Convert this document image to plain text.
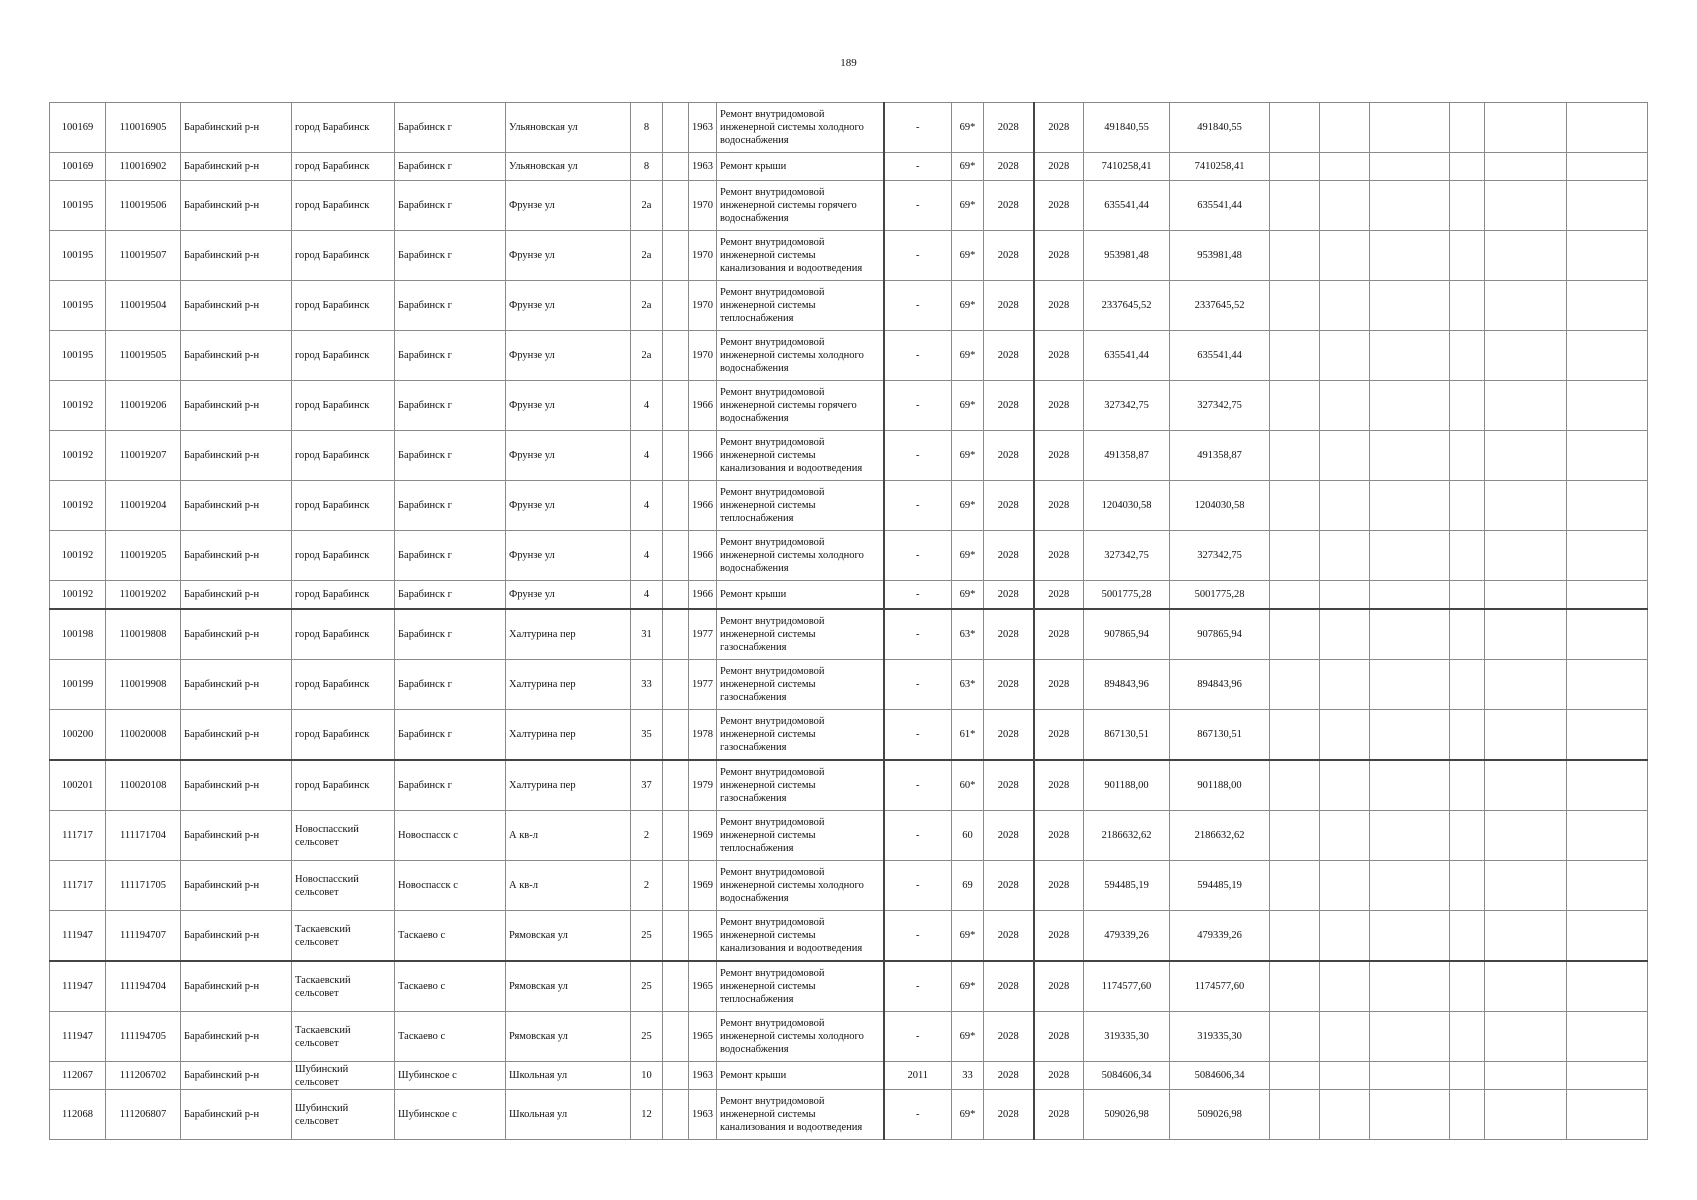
189
100169	110016905	Барабинский р-н	город Барабинск	Барабинск г	Ульяновская ул	8		1963	Ремонт внутридомовой инженерной системы холодного водоснабжения	-	69*	2028	2028	491840,55	491840,55						
100169	110016902	Барабинский р-н	город Барабинск	Барабинск г	Ульяновская ул	8		1963	Ремонт крыши	-	69*	2028	2028	7410258,41	7410258,41						
100195	110019506	Барабинский р-н	город Барабинск	Барабинск г	Фрунзе ул	2а		1970	Ремонт внутридомовой инженерной системы горячего водоснабжения	-	69*	2028	2028	635541,44	635541,44						
100195	110019507	Барабинский р-н	город Барабинск	Барабинск г	Фрунзе ул	2а		1970	Ремонт внутридомовой инженерной системы канализования и водоотведения	-	69*	2028	2028	953981,48	953981,48						
100195	110019504	Барабинский р-н	город Барабинск	Барабинск г	Фрунзе ул	2а		1970	Ремонт внутридомовой инженерной системы теплоснабжения	-	69*	2028	2028	2337645,52	2337645,52						
100195	110019505	Барабинский р-н	город Барабинск	Барабинск г	Фрунзе ул	2а		1970	Ремонт внутридомовой инженерной системы холодного водоснабжения	-	69*	2028	2028	635541,44	635541,44						
100192	110019206	Барабинский р-н	город Барабинск	Барабинск г	Фрунзе ул	4		1966	Ремонт внутридомовой инженерной системы горячего водоснабжения	-	69*	2028	2028	327342,75	327342,75						
100192	110019207	Барабинский р-н	город Барабинск	Барабинск г	Фрунзе ул	4		1966	Ремонт внутридомовой инженерной системы канализования и водоотведения	-	69*	2028	2028	491358,87	491358,87						
100192	110019204	Барабинский р-н	город Барабинск	Барабинск г	Фрунзе ул	4		1966	Ремонт внутридомовой инженерной системы теплоснабжения	-	69*	2028	2028	1204030,58	1204030,58						
100192	110019205	Барабинский р-н	город Барабинск	Барабинск г	Фрунзе ул	4		1966	Ремонт внутридомовой инженерной системы холодного водоснабжения	-	69*	2028	2028	327342,75	327342,75						
100192	110019202	Барабинский р-н	город Барабинск	Барабинск г	Фрунзе ул	4		1966	Ремонт крыши	-	69*	2028	2028	5001775,28	5001775,28						
100198	110019808	Барабинский р-н	город Барабинск	Барабинск г	Халтурина пер	31		1977	Ремонт внутридомовой инженерной системы газоснабжения	-	63*	2028	2028	907865,94	907865,94						
100199	110019908	Барабинский р-н	город Барабинск	Барабинск г	Халтурина пер	33		1977	Ремонт внутридомовой инженерной системы газоснабжения	-	63*	2028	2028	894843,96	894843,96						
100200	110020008	Барабинский р-н	город Барабинск	Барабинск г	Халтурина пер	35		1978	Ремонт внутридомовой инженерной системы газоснабжения	-	61*	2028	2028	867130,51	867130,51						
100201	110020108	Барабинский р-н	город Барабинск	Барабинск г	Халтурина пер	37		1979	Ремонт внутридомовой инженерной системы газоснабжения	-	60*	2028	2028	901188,00	901188,00						
111717	111171704	Барабинский р-н	Новоспасский сельсовет	Новоспасск с	А кв-л	2		1969	Ремонт внутридомовой инженерной системы теплоснабжения	-	60	2028	2028	2186632,62	2186632,62						
111717	111171705	Барабинский р-н	Новоспасский сельсовет	Новоспасск с	А кв-л	2		1969	Ремонт внутридомовой инженерной системы холодного водоснабжения	-	69	2028	2028	594485,19	594485,19						
111947	111194707	Барабинский р-н	Таскаевский сельсовет	Таскаево с	Рямовская ул	25		1965	Ремонт внутридомовой инженерной системы канализования и водоотведения	-	69*	2028	2028	479339,26	479339,26						
111947	111194704	Барабинский р-н	Таскаевский сельсовет	Таскаево с	Рямовская ул	25		1965	Ремонт внутридомовой инженерной системы теплоснабжения	-	69*	2028	2028	1174577,60	1174577,60						
111947	111194705	Барабинский р-н	Таскаевский сельсовет	Таскаево с	Рямовская ул	25		1965	Ремонт внутридомовой инженерной системы холодного водоснабжения	-	69*	2028	2028	319335,30	319335,30						
112067	111206702	Барабинский р-н	Шубинский сельсовет	Шубинское с	Школьная ул	10		1963	Ремонт крыши	2011	33	2028	2028	5084606,34	5084606,34						
112068	111206807	Барабинский р-н	Шубинский сельсовет	Шубинское с	Школьная ул	12		1963	Ремонт внутридомовой инженерной системы канализования и водоотведения	-	69*	2028	2028	509026,98	509026,98						
